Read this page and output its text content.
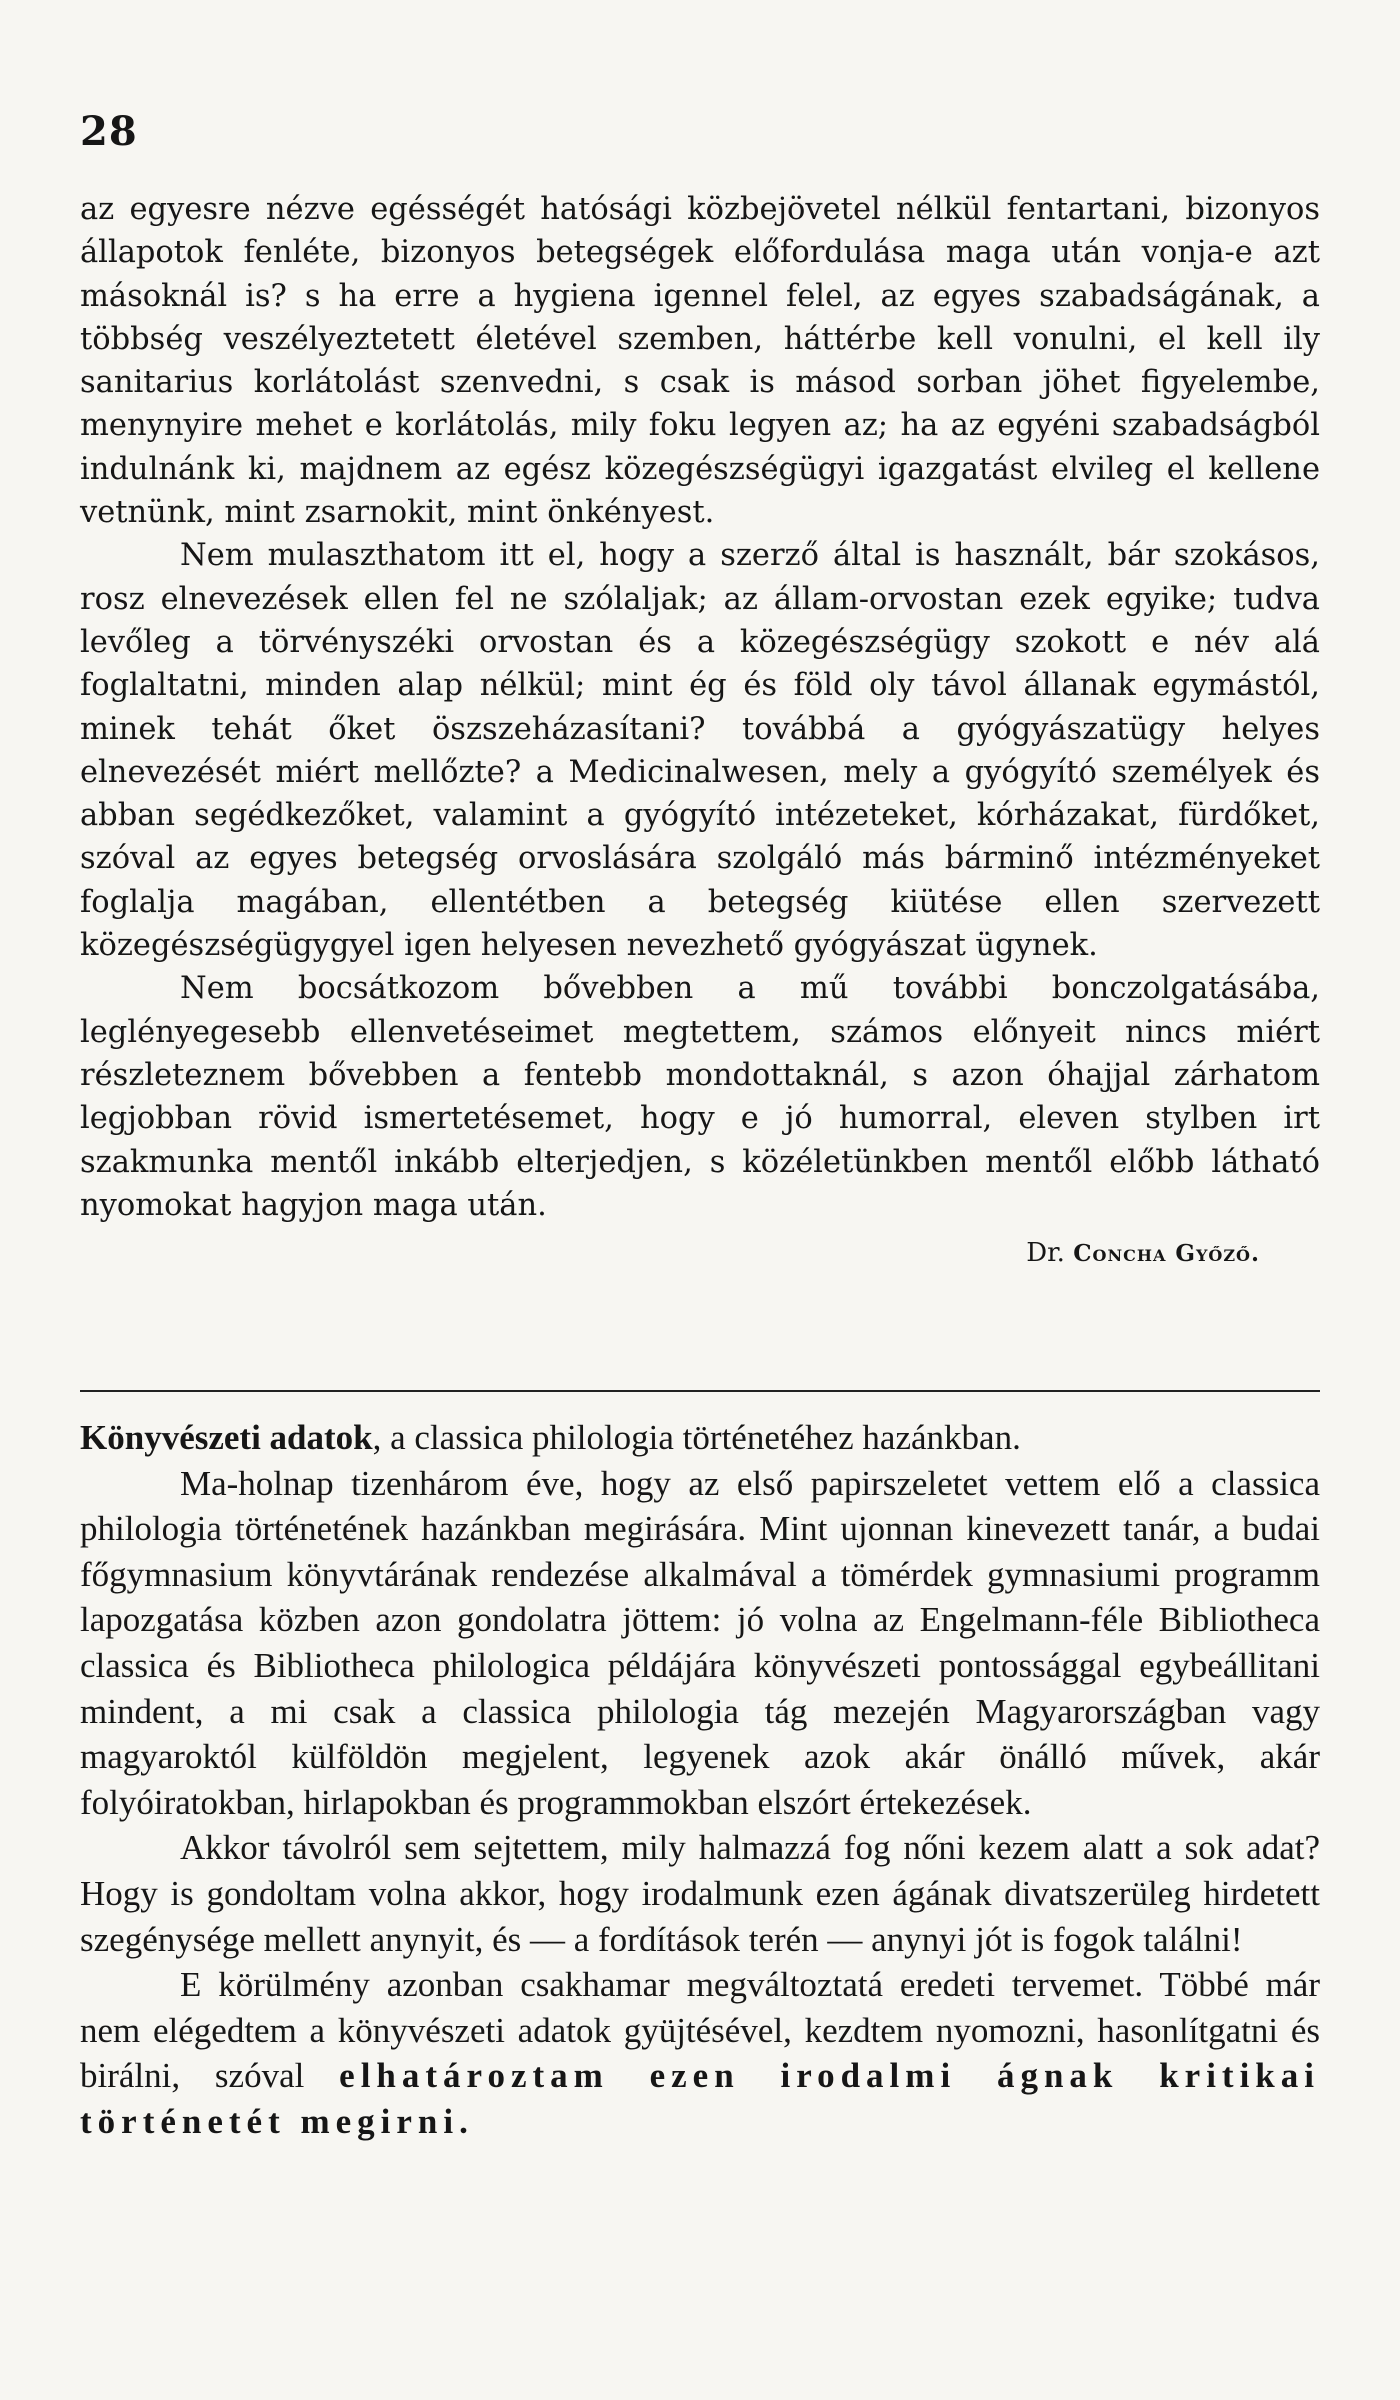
28

az egyesre nézve egésségét hatósági közbejövetel nélkül fentartani, bizonyos állapotok fenléte, bizonyos betegségek előfordulása maga után vonja-e azt másoknál is? s ha erre a hygiena igennel felel, az egyes szabadságának, a többség veszélyeztetett életével szemben, háttérbe kell vonulni, el kell ily sanitarius korlátolást szenvedni, s csak is másod sorban jöhet figyelembe, menynyire mehet e korlátolás, mily foku legyen az; ha az egyéni szabadságból indulnánk ki, majdnem az egész közegészségügyi igazgatást elvileg el kellene vetnünk, mint zsarnokit, mint önkényest.

Nem mulaszthatom itt el, hogy a szerző által is használt, bár szokásos, rosz elnevezések ellen fel ne szólaljak; az állam-orvostan ezek egyike; tudva levőleg a törvényszéki orvostan és a közegészségügy szokott e név alá foglaltatni, minden alap nélkül; mint ég és föld oly távol állanak egymástól, minek tehát őket öszszeházasítani? továbbá a gyógyászatügy helyes elnevezését miért mellőzte? a Medicinalwesen, mely a gyógyító személyek és abban segédkezőket, valamint a gyógyító intézeteket, kórházakat, fürdőket, szóval az egyes betegség orvoslására szolgáló más bárminő intézményeket foglalja magában, ellentétben a betegség kiütése ellen szervezett közegészségügygyel igen helyesen nevezhető gyógyászat ügynek.

Nem bocsátkozom bővebben a mű további bonczolgatásába, leglényegesebb ellenvetéseimet megtettem, számos előnyeit nincs miért részleteznem bővebben a fentebb mondottaknál, s azon óhajjal zárhatom legjobban rövid ismertetésemet, hogy e jó humorral, eleven stylben irt szakmunka mentől inkább elterjedjen, s közéletünkben mentől előbb látható nyomokat hagyjon maga után.

Dr. Concha Győző.

Könyvészeti adatok, a classica philologia történetéhez hazánkban.

Ma-holnap tizenhárom éve, hogy az első papirszeletet vettem elő a classica philologia történetének hazánkban megirására. Mint ujonnan kinevezett tanár, a budai főgymnasium könyvtárának rendezése alkalmával a tömérdek gymnasiumi programm lapozgatása közben azon gondolatra jöttem: jó volna az Engelmann-féle Bibliotheca classica és Bibliotheca philologica példájára könyvészeti pontossággal egybeállitani mindent, a mi csak a classica philologia tág mezején Magyarországban vagy magyaroktól külföldön megjelent, legyenek azok akár önálló művek, akár folyóiratokban, hirlapokban és programmokban elszórt értekezések.

Akkor távolról sem sejtettem, mily halmazzá fog nőni kezem alatt a sok adat? Hogy is gondoltam volna akkor, hogy irodalmunk ezen ágának divatszerüleg hirdetett szegénysége mellett anynyit, és — a fordítások terén — anynyi jót is fogok találni!

E körülmény azonban csakhamar megváltoztatá eredeti tervemet. Többé már nem elégedtem a könyvészeti adatok gyüjtésével, kezdtem nyomozni, hasonlítgatni és birálni, szóval elhatároztam ezen irodalmi ágnak kritikai történetét megirni.
